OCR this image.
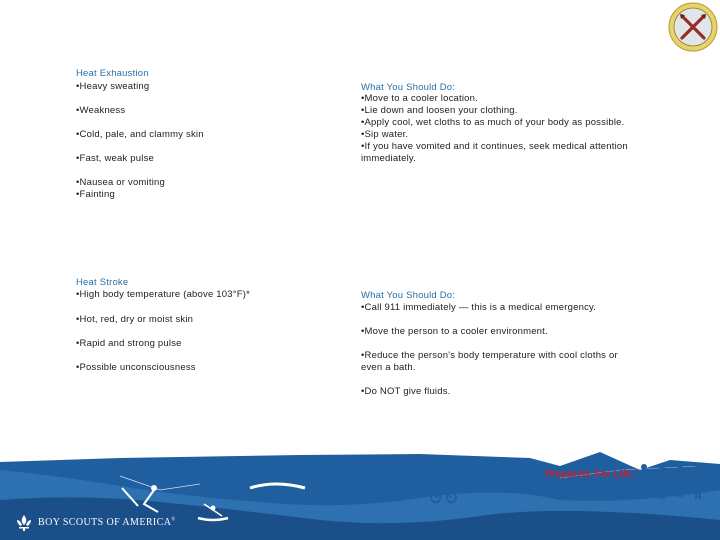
Heat Exhaustion
•Heavy sweating
•Weakness
•Cold, pale, and clammy skin
•Fast, weak pulse
•Nausea or vomiting
•Fainting
What You Should Do:
•Move to a cooler location.
•Lie down and loosen your clothing.
•Apply cool, wet cloths to as much of your body as possible.
•Sip water.
•If you have vomited and it continues, seek medical attention immediately.
Heat Stroke
•High body temperature (above 103°F)*
•Hot, red, dry or moist skin
•Rapid and strong pulse
•Possible unconsciousness
What You Should Do:
•Call 911 immediately — this is a medical emergency.
•Move the person to a cooler environment.
•Reduce the person's body temperature with cool cloths or even a bath.
•Do NOT give fluids.
Prepared. For Life.™
BOY SCOUTS OF AMERICA®
